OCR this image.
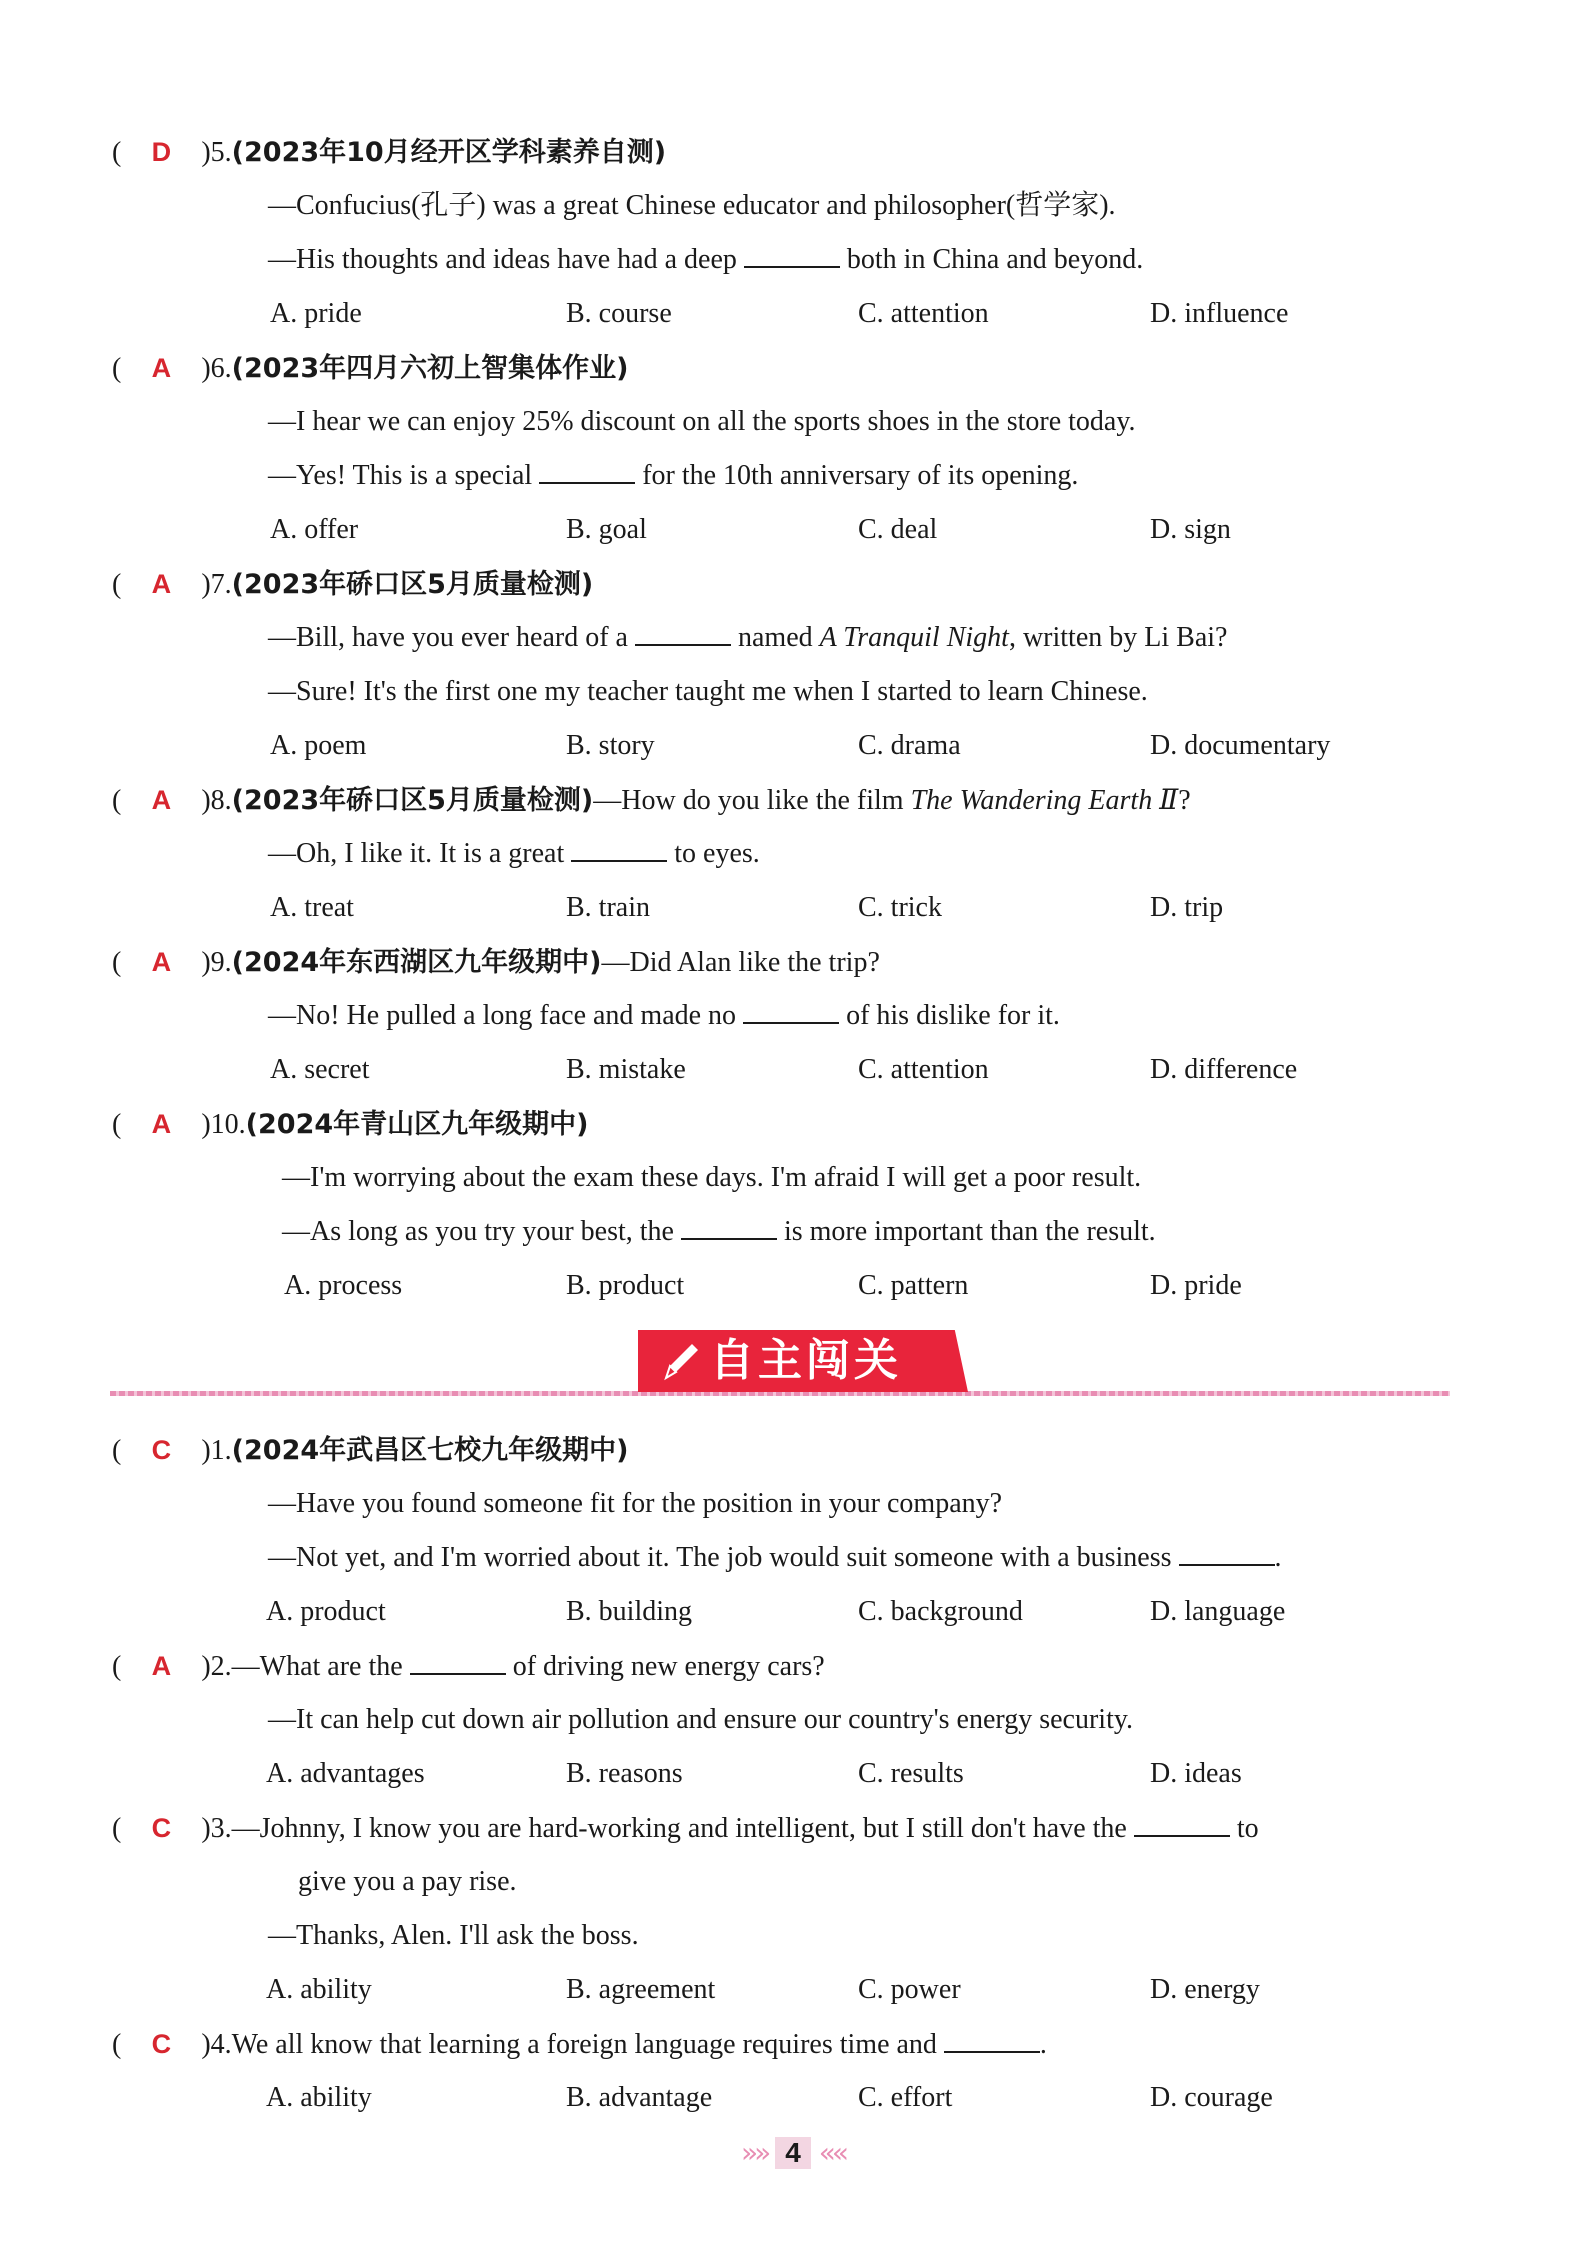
( D )5.(2023年10月经开区学科素养自测)
—Confucius(孔子) was a great Chinese educator and philosopher(哲学家).
—His thoughts and ideas have had a deep	both in China and beyond.
A. pride	B. course	C. attention	D. influence
( A )6.(2023年四月六初上智集体作业)
—I hear we can enjoy 25% discount on all the sports shoes in the store today.
—Yes! This is a special	for the 10th anniversary of its opening.
A. offer	B. goal	C. deal	D. sign
( A )7.(2023年硚口区5月质量检测)
—Bill, have you ever heard of a	named A Tranquil Night, written by Li Bai?
—Sure! It's the first one my teacher taught me when I started to learn Chinese.
A. poem	B. story	C. drama	D. documentary
( A )8.(2023年硚口区5月质量检测)—How do you like the film The Wandering Earth Ⅱ?
—Oh, I like it. It is a great	to eyes.
A. treat	B. train	C. trick	D. trip
( A )9.(2024年东西湖区九年级期中)—Did Alan like the trip?
—No! He pulled a long face and made no	of his dislike for it.
A. secret	B. mistake	C. attention	D. difference
( A )10.(2024年青山区九年级期中)
—I'm worrying about the exam these days. I'm afraid I will get a poor result.
—As long as you try your best, the	is more important than the result.
A. process	B. product	C. pattern	D. pride
自主闯关
( C )1.(2024年武昌区七校九年级期中)
—Have you found someone fit for the position in your company?
—Not yet, and I'm worried about it. The job would suit someone with a business	.
A. product	B. building	C. background	D. language
( A )2.—What are the	of driving new energy cars?
—It can help cut down air pollution and ensure our country's energy security.
A. advantages	B. reasons	C. results	D. ideas
( C )3.—Johnny, I know you are hard-working and intelligent, but I still don't have the	to
give you a pay rise.
—Thanks, Alen. I'll ask the boss.
A. ability	B. agreement	C. power	D. energy
( C )4.We all know that learning a foreign language requires time and	.
A. ability	B. advantage	C. effort	D. courage
»» 4 ««
